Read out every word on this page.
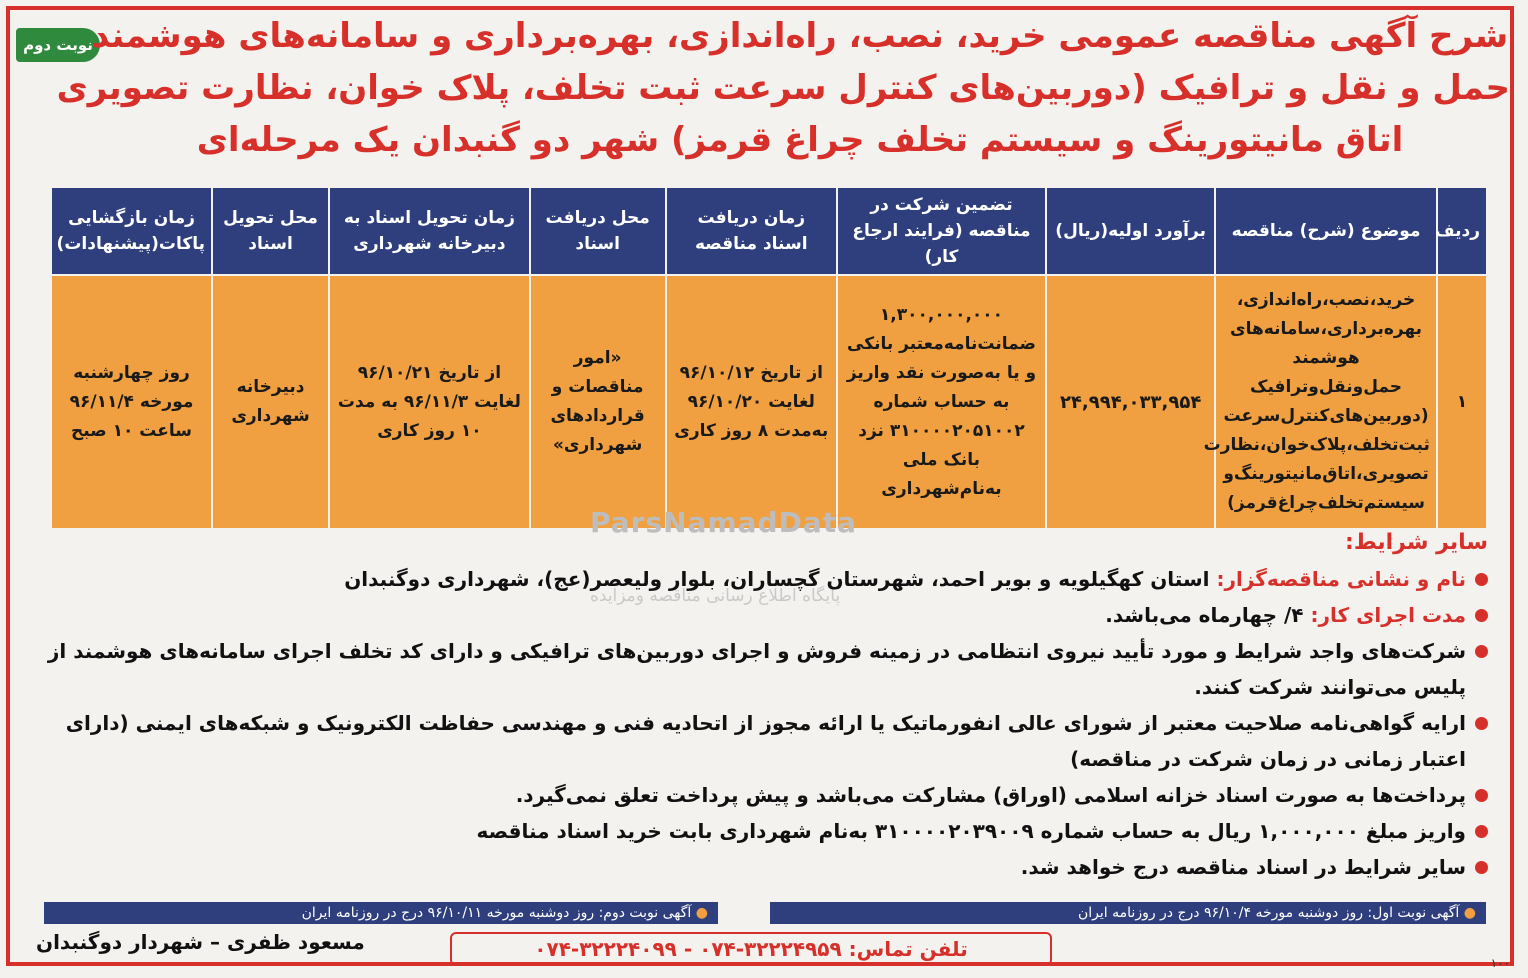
نوبت دوم
شرح آگهی مناقصه عمومی خرید، نصب، راه‌اندازی، بهره‌برداری و سامانه‌های هوشمند
حمل و نقل و ترافیک (دوربین‌های کنترل سرعت ثبت تخلف، پلاک خوان، نظارت تصویری
اتاق مانیتورینگ و سیستم تخلف چراغ قرمز) شهر دو گنبدان یک مرحله‌ای
ردیف	موضوع (شرح) مناقصه	برآورد اولیه(ریال)	تضمین شرکت در مناقصه (فرایند ارجاع کار)	زمان دریافت اسناد مناقصه	محل دریافت اسناد	زمان تحویل اسناد به دبیرخانه شهرداری	محل تحویل اسناد	زمان بازگشایی پاکات(پیشنهادات)
۱	خرید،نصب،راه‌اندازی، بهره‌برداری،سامانه‌های هوشمند حمل‌ونقل‌وترافیک (دوربین‌های‌کنترل‌سرعت ثبت‌تخلف،پلاک‌خوان،نظارت تصویری،اتاق‌مانیتورینگ‌و سیستم‌تخلف‌چراغ‌قرمز)	۲۴,۹۹۴,۰۳۳,۹۵۴	۱,۳۰۰,۰۰۰,۰۰۰ ضمانت‌نامه‌معتبر بانکی و یا به‌صورت نقد واریز به حساب شماره ۳۱۰۰۰۰۲۰۵۱۰۰۲ نزد بانک ملی به‌نام‌شهرداری	از تاریخ ۹۶/۱۰/۱۲ لغایت ۹۶/۱۰/۲۰ به‌مدت ۸ روز کاری	«امور مناقصات و قراردادهای شهرداری»	از تاریخ ۹۶/۱۰/۲۱ لغایت ۹۶/۱۱/۳ به مدت ۱۰ روز کاری	دبیرخانه شهرداری	روز چهارشنبه مورخه ۹۶/۱۱/۴ ساعت ۱۰ صبح
ParsNamadData
پایگاه اطلاع رسانی مناقصه ومزایده
سایر شرایط:

نام و نشانی مناقصه‌گزار: استان کهگیلویه و بویر احمد، شهرستان گچساران، بلوار ولیعصر(عج)، شهرداری دوگنبدان

مدت اجرای کار: ۴/ چهارماه می‌باشد.

شرکت‌های واجد شرایط و مورد تأیید نیروی انتظامی در زمینه فروش و اجرای دوربین‌های ترافیکی و دارای کد تخلف اجرای سامانه‌های هوشمند از پلیس می‌توانند شرکت کنند.

ارایه گواهی‌نامه صلاحیت معتبر از شورای عالی انفورماتیک یا ارائه مجوز از اتحادیه فنی و مهندسی حفاظت الکترونیک و شبکه‌های ایمنی (دارای اعتبار زمانی در زمان شرکت در مناقصه)

پرداخت‌ها به صورت اسناد خزانه اسلامی (اوراق) مشارکت می‌باشد و پیش پرداخت تعلق نمی‌گیرد.

واریز مبلغ ۱,۰۰۰,۰۰۰ ریال به حساب شماره ۳۱۰۰۰۰۲۰۳۹۰۰۹ به‌نام شهرداری بابت خرید اسناد مناقصه

سایر شرایط در اسناد مناقصه درج خواهد شد.

● آگهی نوبت اول: روز دوشنبه مورخه ۹۶/۱۰/۴ درج در روزنامه ایران
● آگهی نوبت دوم: روز دوشنبه مورخه ۹۶/۱۰/۱۱ درج در روزنامه ایران
تلفن تماس: ۳۲۲۲۴۹۵۹-۰۷۴ - ۳۲۲۲۴۰۹۹-۰۷۴
مسعود ظفری – شهردار دوگنبدان
۱۰۰
